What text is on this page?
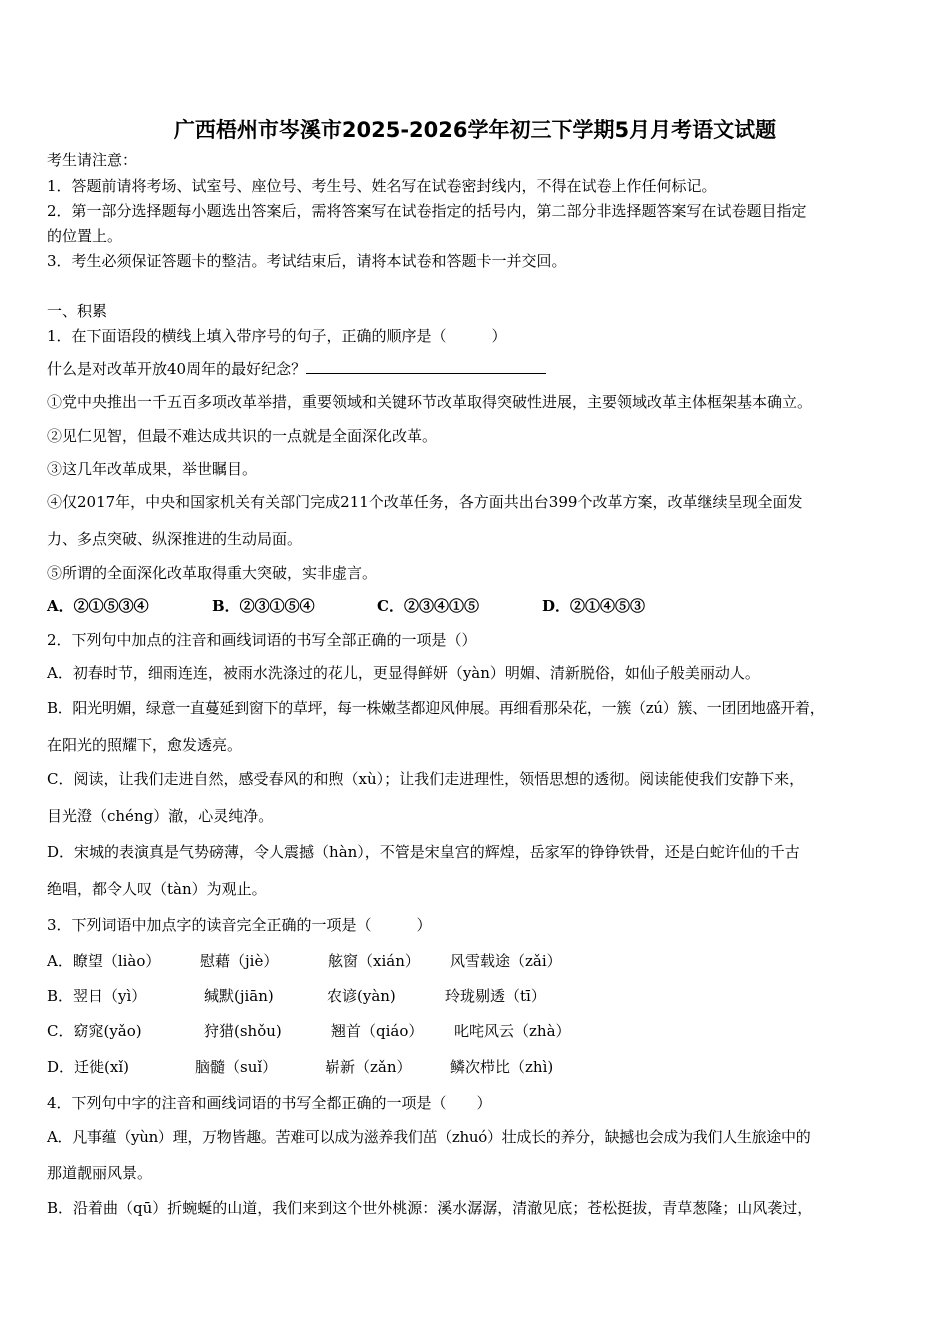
广西梧州市岑溪市2025-2026学年初三下学期5月月考语文试题
考生请注意：
1．答题前请将考场、试室号、座位号、考生号、姓名写在试卷密封线内，不得在试卷上作任何标记。
2．第一部分选择题每小题选出答案后，需将答案写在试卷指定的括号内，第二部分非选择题答案写在试卷题目指定
的位置上。
3．考生必须保证答题卡的整洁。考试结束后，请将本试卷和答题卡一并交回。
一、积累
1．在下面语段的横线上填入带序号的句子，正确的顺序是（　　　）
什么是对改革开放40周年的最好纪念？
①党中央推出一千五百多项改革举措，重要领域和关键环节改革取得突破性进展，主要领域改革主体框架基本确立。
②见仁见智，但最不难达成共识的一点就是全面深化改革。
③这几年改革成果，举世瞩目。
④仅2017年，中央和国家机关有关部门完成211个改革任务，各方面共出台399个改革方案，改革继续呈现全面发
力、多点突破、纵深推进的生动局面。
⑤所谓的全面深化改革取得重大突破，实非虚言。
A．②①⑤③④	B．②③①⑤④	C．②③④①⑤	D．②①④⑤③
2．下列句中加点的注音和画线词语的书写全部正确的一项是（）
A．初春时节，细雨连连，被雨水洗涤过的花儿，更显得鲜妍（yàn）明媚、清新脱俗，如仙子般美丽动人。
B．阳光明媚，绿意一直蔓延到窗下的草坪，每一株嫩茎都迎风伸展。再细看那朵花，一簇（zú）簇、一团团地盛开着，
在阳光的照耀下，愈发透亮。
C．阅读，让我们走进自然，感受春风的和煦（xù）；让我们走进理性，领悟思想的透彻。阅读能使我们安静下来，
目光澄（chéng）澈，心灵纯净。
D．宋城的表演真是气势磅薄，令人震撼（hàn），不管是宋皇宫的辉煌，岳家军的铮铮铁骨，还是白蛇许仙的千古
绝唱，都令人叹（tàn）为观止。
3．下列词语中加点字的读音完全正确的一项是（　　　）
A．瞭望（liào）	慰藉（jiè）	舷窗（xián） 风雪载途（zǎi）
B．翌日（yì）	缄默(jiān)	农谚(yàn)	玲珑剔透（tī）
C．窈窕(yǎo)	狩猎(shǒu)	翘首（qiáo） 叱咤风云（zhà）
D．迁徙(xǐ)	脑髓（suǐ）	崭新（zǎn）	鳞次栉比（zhì)
4．下列句中字的注音和画线词语的书写全都正确的一项是（　　）
A．凡事蕴（yùn）理，万物皆趣。苦难可以成为滋养我们茁（zhuó）壮成长的养分，缺撼也会成为我们人生旅途中的
那道靓丽风景。
B．沿着曲（qū）折蜿蜒的山道，我们来到这个世外桃源：溪水潺潺，清澈见底；苍松挺拔，青草葱隆；山风袭过，
